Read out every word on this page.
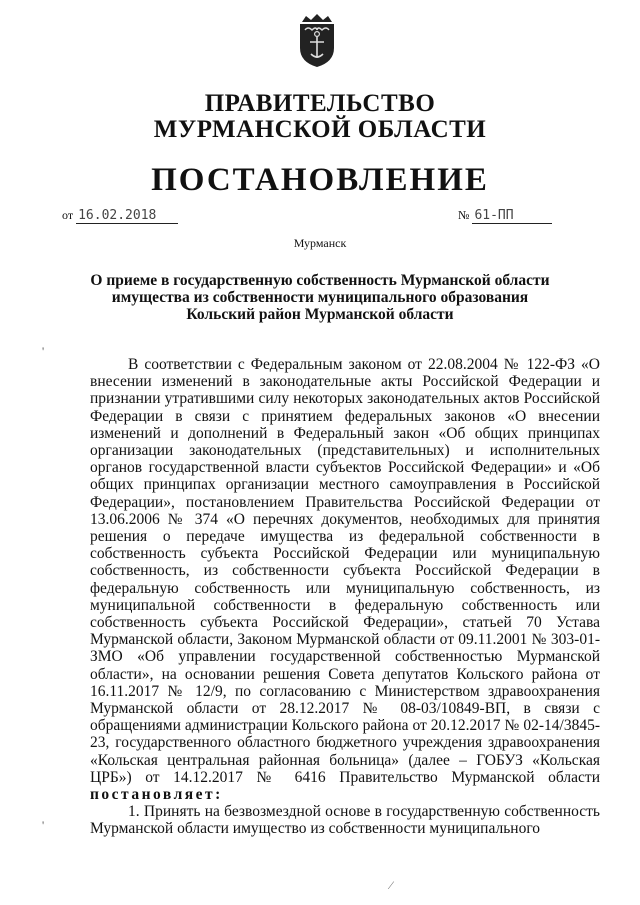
ПРАВИТЕЛЬСТВО
МУРМАНСКОЙ ОБЛАСТИ
ПОСТАНОВЛЕНИЕ
от 16.02.2018	№ 61-ПП
Мурманск
О приеме в государственную собственность Мурманской области имущества из собственности муниципального образования Кольский район Мурманской области
'
'

В соответствии с Федеральным законом от 22.08.2004 № 122-ФЗ «О внесении изменений в законодательные акты Российской Федерации и признании утратившими силу некоторых законодательных актов Российской Федерации в связи с принятием федеральных законов «О внесении изменений и дополнений в Федеральный закон «Об общих принципах организации законодательных (представительных) и исполнительных органов государственной власти субъектов Российской Федерации» и «Об общих принципах организации местного самоуправления в Российской Федерации», постановлением Правительства Российской Федерации от 13.06.2006 № 374 «О перечнях документов, необходимых для принятия решения о передаче имущества из федеральной собственности в собственность субъекта Российской Федерации или муниципальную собственность, из собственности субъекта Российской Федерации в федеральную собственность или муниципальную собственность, из муниципальной собственности в федеральную собственность или собственность субъекта Российской Федерации», статьей 70 Устава Мурманской области, Законом Мурманской области от 09.11.2001 № 303-01-ЗМО «Об управлении государственной собственностью Мурманской области», на основании решения Совета депутатов Кольского района от 16.11.2017 № 12/9, по согласованию с Министерством здравоохранения Мурманской области от 28.12.2017 № 08-03/10849-ВП, в связи с обращениями администрации Кольского района от 20.12.2017 № 02-14/3845-23, государственного областного бюджетного учреждения здравоохранения «Кольская центральная районная больница» (далее – ГОБУЗ «Кольская ЦРБ») от 14.12.2017 № 6416 Правительство Мурманской области постановляет:

1. Принять на безвозмездной основе в государственную собственность Мурманской области имущество из собственности муниципального

⁄
